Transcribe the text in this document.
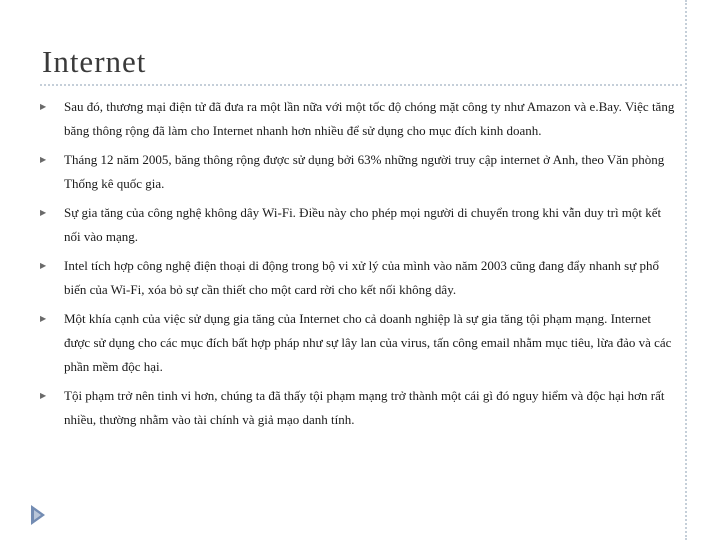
Internet
▶ Sau đó, thương mại điện tử đã đưa ra một lần nữa với một tốc độ chóng mặt công ty như Amazon và e.Bay. Việc tăng băng thông rộng đã làm cho Internet nhanh hơn nhiều để sử dụng cho mục đích kinh doanh.
▶ Tháng 12 năm 2005, băng thông rộng được sử dụng bởi 63% những người truy cập internet ở Anh, theo Văn phòng Thống kê quốc gia.
▶ Sự gia tăng của công nghệ không dây Wi-Fi. Điều này cho phép mọi người di chuyển trong khi vẫn duy trì một kết nối vào mạng.
▶ Intel tích hợp công nghệ điện thoại di động trong bộ vi xử lý của mình vào năm 2003 cũng đang đẩy nhanh sự phổ biến của Wi-Fi, xóa bỏ sự cần thiết cho một card rời cho kết nối không dây.
▶ Một khía cạnh của việc sử dụng gia tăng của Internet cho cả doanh nghiệp là sự gia tăng tội phạm mạng. Internet được sử dụng cho các mục đích bất hợp pháp như sự lây lan của virus, tấn công email nhằm mục tiêu, lừa đảo và các phần mềm độc hại.
▶ Tội phạm trở nên tinh vi hơn, chúng ta đã thấy tội phạm mạng trở thành một cái gì đó nguy hiểm và độc hại hơn rất nhiều, thường nhằm vào tài chính và giả mạo danh tính.
